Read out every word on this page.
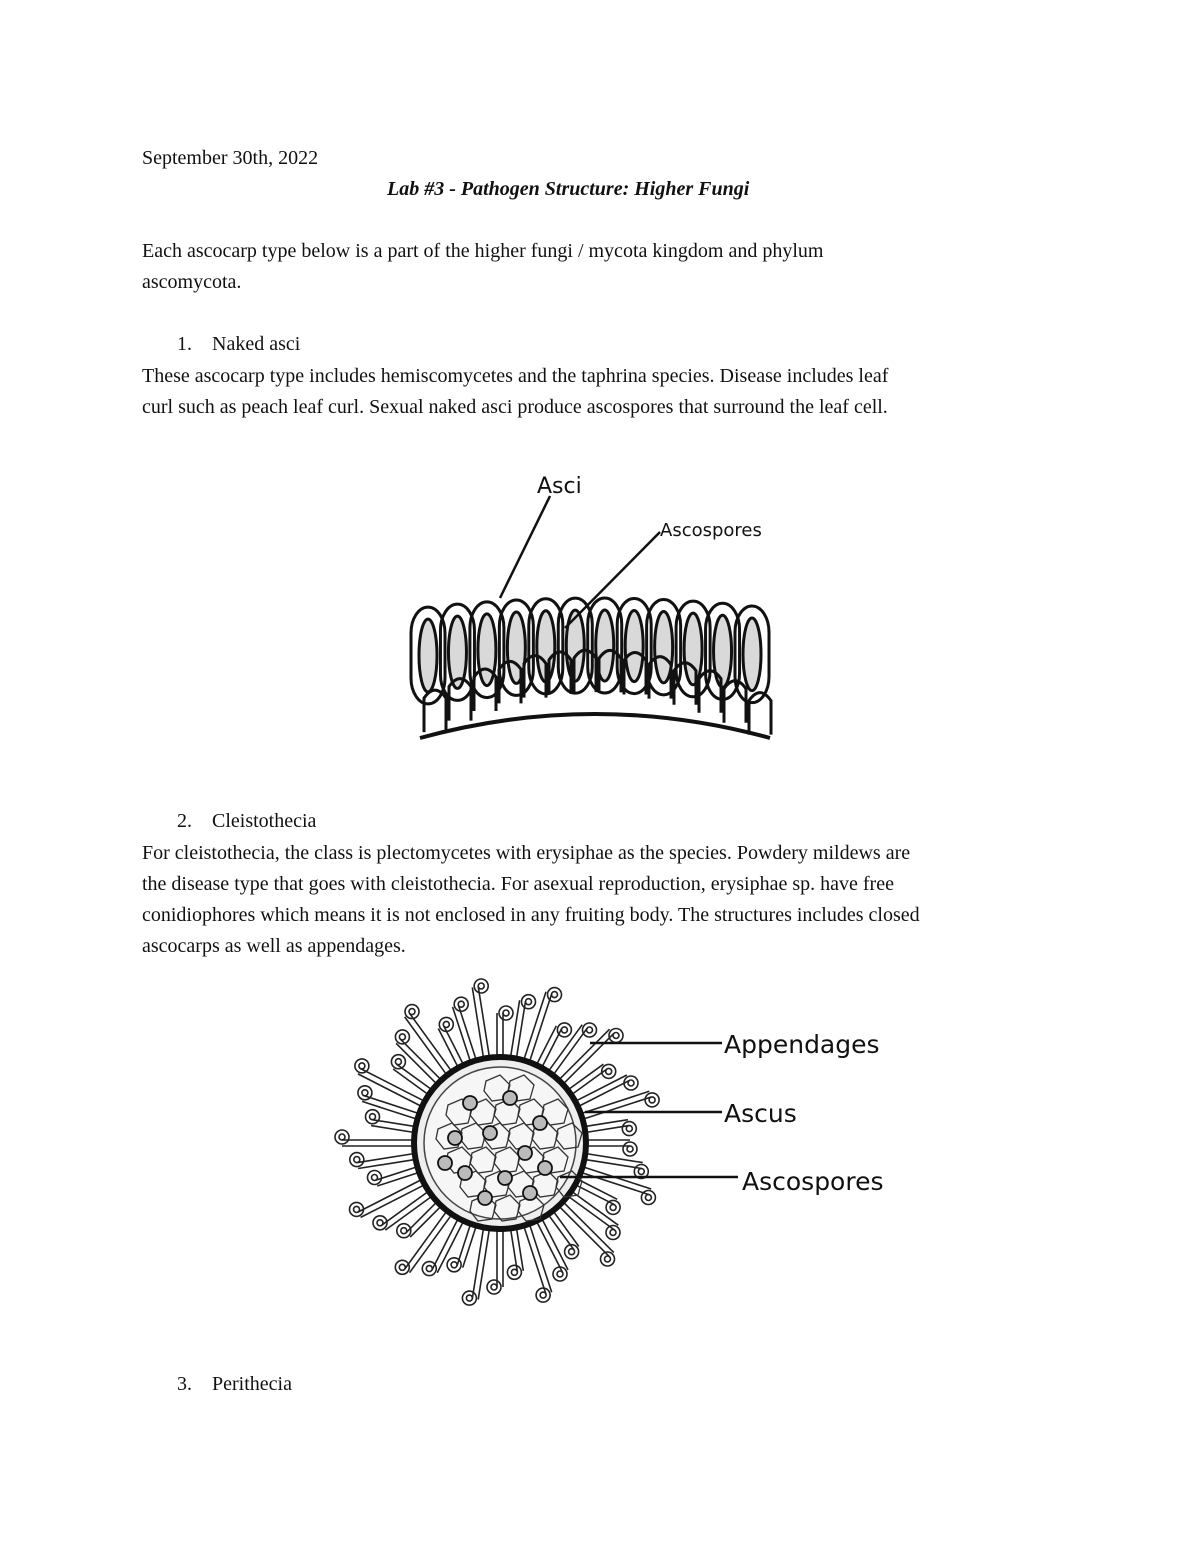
September 30th, 2022
Lab #3 - Pathogen Structure: Higher Fungi
Each ascocarp type below is a part of the higher fungi / mycota kingdom and phylum
ascomycota.
1. Naked asci
These ascocarp type includes hemiscomycetes and the taphrina species. Disease includes leaf
curl such as peach leaf curl. Sexual naked asci produce ascospores that surround the leaf cell.
Asci
Ascospores
2. Cleistothecia
For cleistothecia, the class is plectomycetes with erysiphae as the species. Powdery mildews are
the disease type that goes with cleistothecia. For asexual reproduction, erysiphae sp. have free
conidiophores which means it is not enclosed in any fruiting body. The structures includes closed
ascocarps as well as appendages.
Appendages
Ascus
Ascospores
3. Perithecia
